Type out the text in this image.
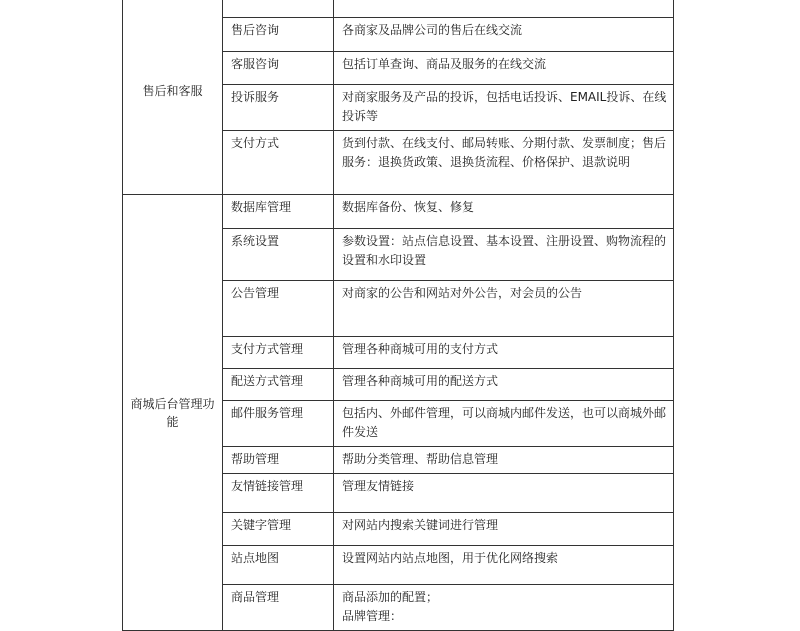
售后和客服		
	售后咨询	各商家及品牌公司的售后在线交流
	客服咨询	包括订单查询、商品及服务的在线交流
	投诉服务	对商家服务及产品的投诉，包括电话投诉、EMAIL投诉、在线投诉等
	支付方式	货到付款、在线支付、邮局转账、分期付款、发票制度；售后服务：退换货政策、退换货流程、价格保护、退款说明
商城后台管理功能	数据库管理	数据库备份、恢复、修复
	系统设置	参数设置：站点信息设置、基本设置、注册设置、购物流程的设置和水印设置
	公告管理	对商家的公告和网站对外公告，对会员的公告
	支付方式管理	管理各种商城可用的支付方式
	配送方式管理	管理各种商城可用的配送方式
	邮件服务管理	包括内、外邮件管理，可以商城内邮件发送，也可以商城外邮件发送
	帮助管理	帮助分类管理、帮助信息管理
	友情链接管理	管理友情链接
	关键字管理	对网站内搜索关键词进行管理
	站点地图	设置网站内站点地图，用于优化网络搜索
	商品管理	商品添加的配置；
品牌管理：
